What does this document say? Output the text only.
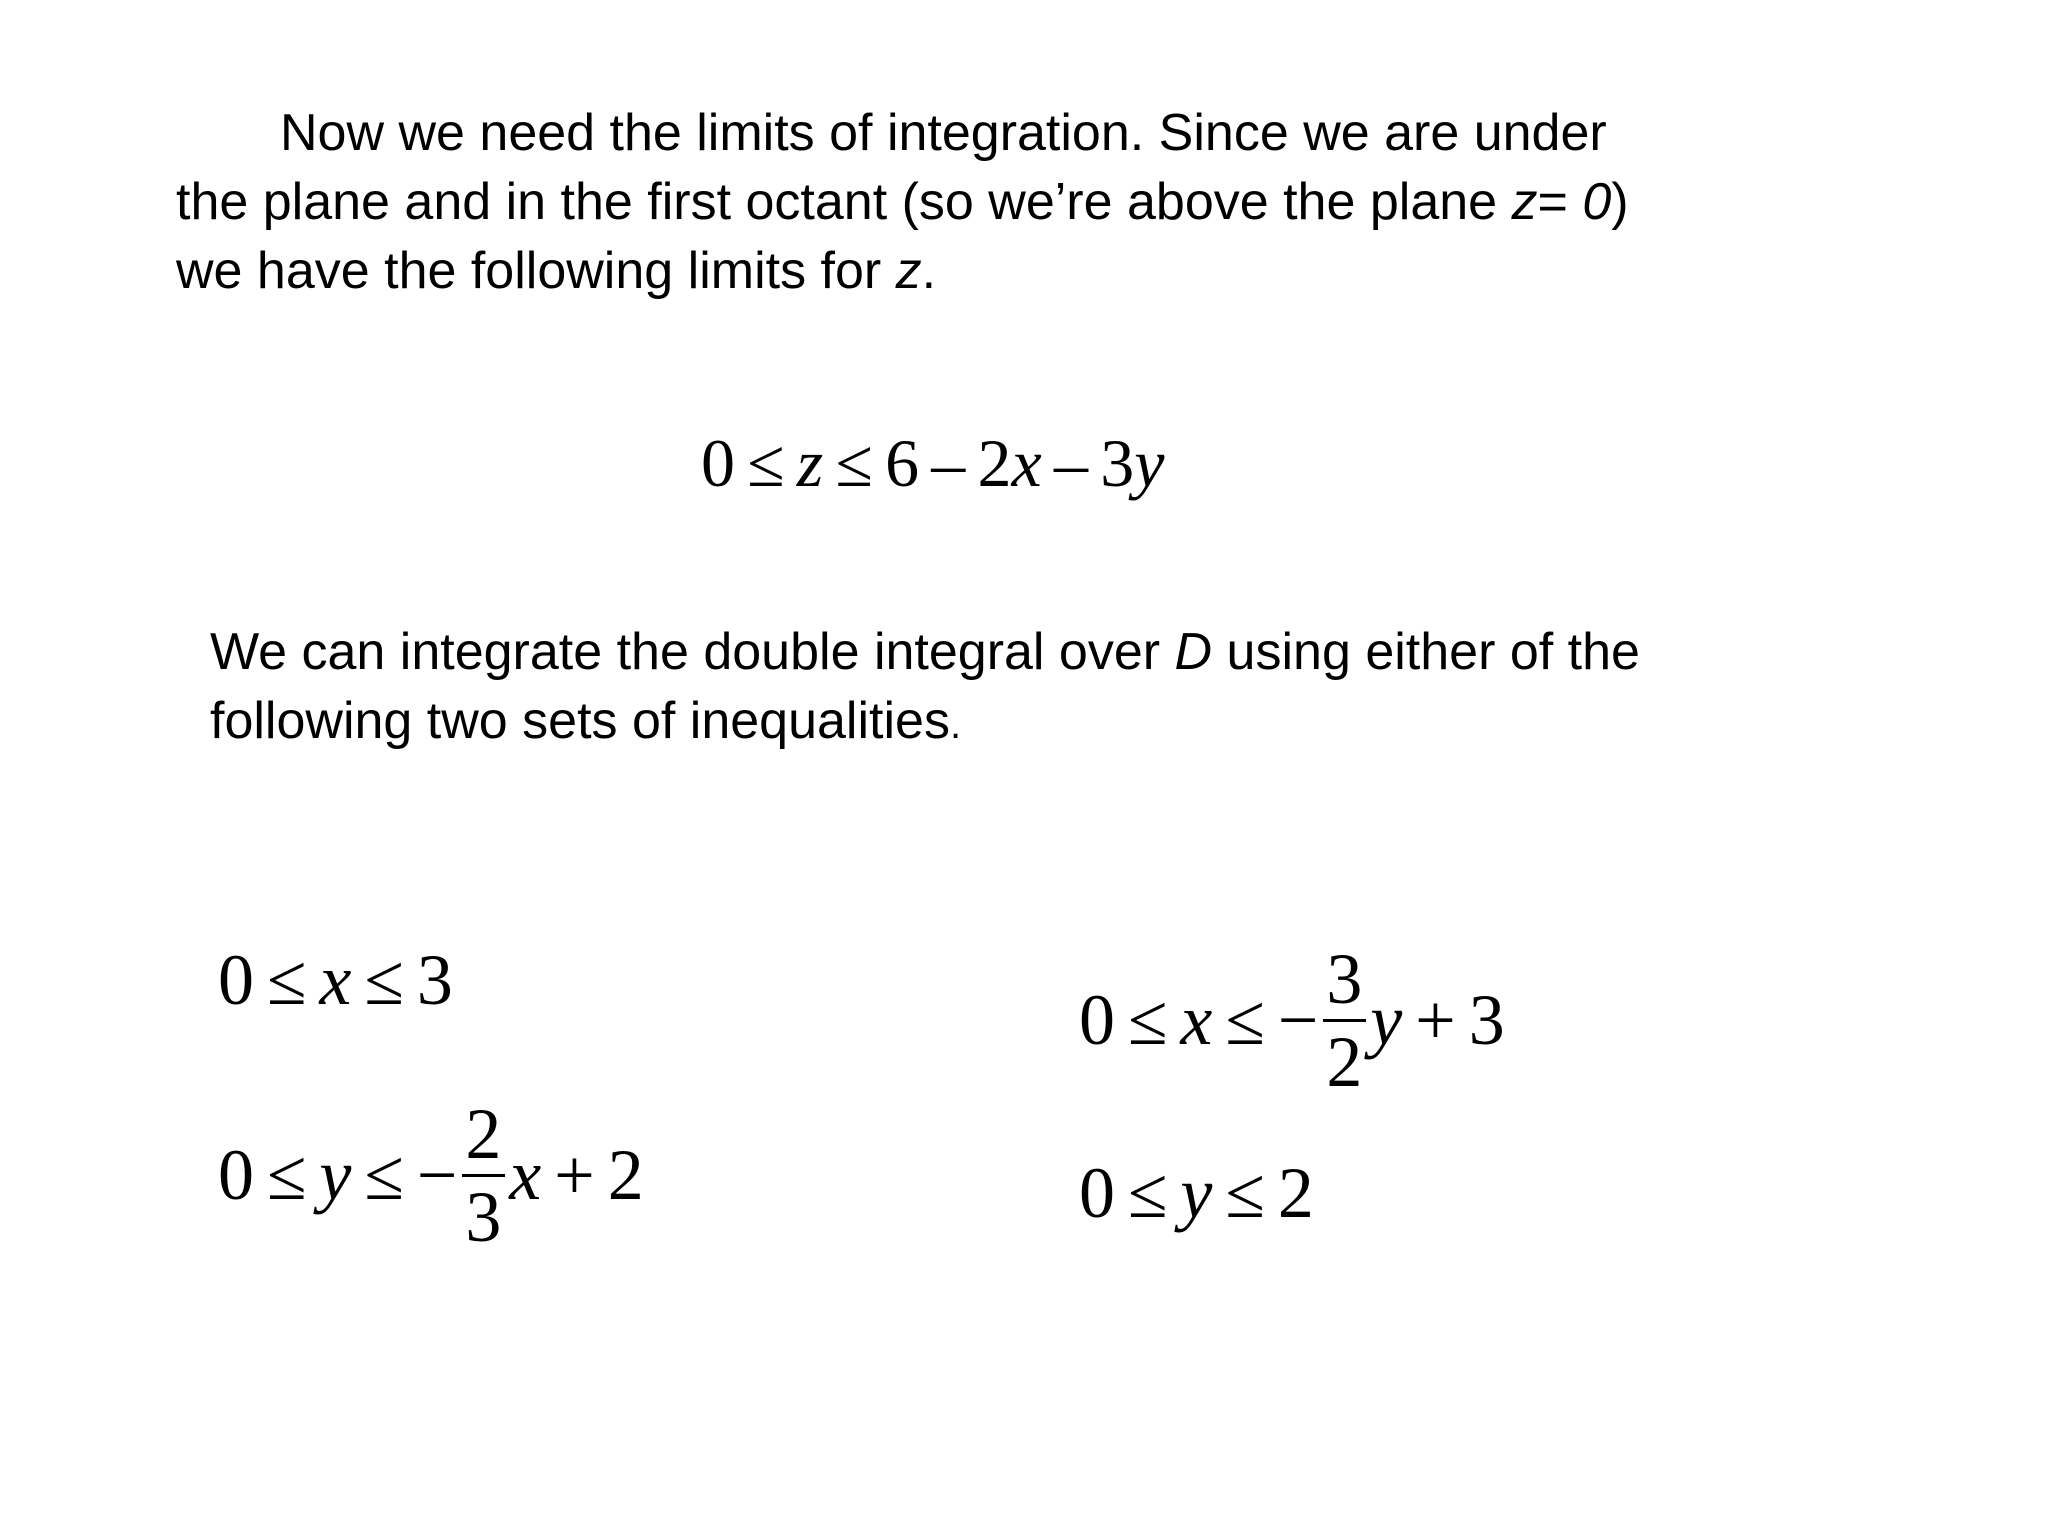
Now we need the limits of integration. Since we are under
the plane and in the first octant (so we’re above the plane z= 0)
we have the following limits for z.
0 ≤ z ≤ 6 – 2 x – 3 y
We can integrate the double integral over D using either of the
following two sets of inequalities.
0 ≤ x ≤ 3
0 ≤ y ≤ − $\frac{2}{3}$ x + 2
0 ≤ x ≤ − $\frac{3}{2}$ y + 3
0 ≤ y ≤ 2
